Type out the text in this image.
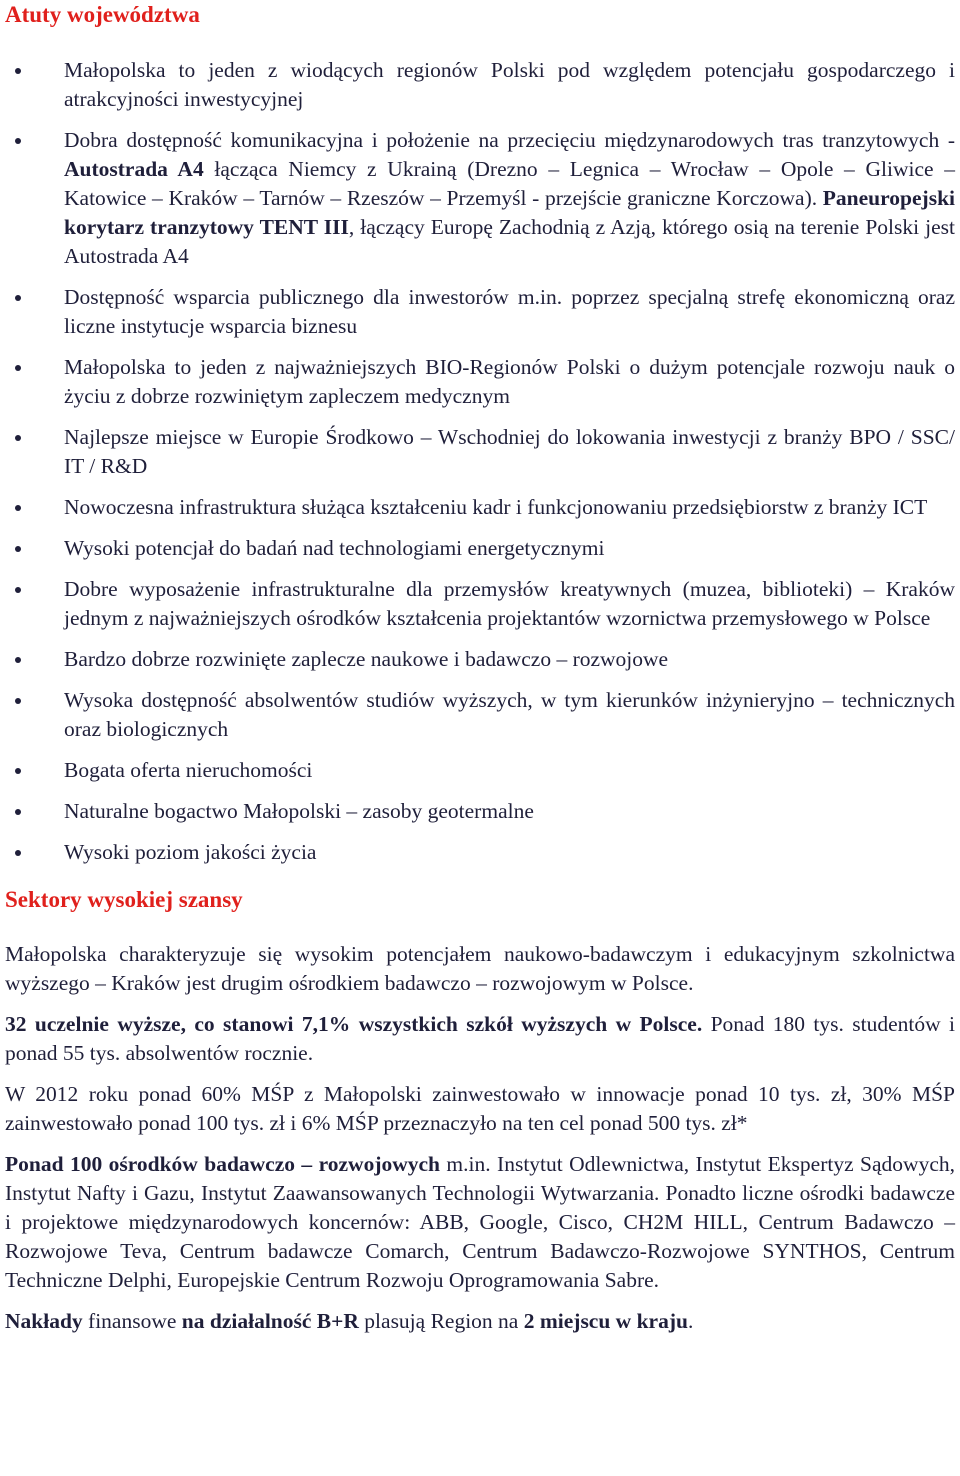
Atuty województwa
Małopolska to jeden z wiodących regionów Polski pod względem potencjału gospodarczego i atrakcyjności inwestycyjnej
Dobra dostępność komunikacyjna i położenie na przecięciu międzynarodowych tras tranzytowych - Autostrada A4 łącząca Niemcy z Ukrainą (Drezno – Legnica – Wrocław – Opole – Gliwice – Katowice – Kraków – Tarnów – Rzeszów – Przemyśl - przejście graniczne Korczowa). Paneuropejski korytarz tranzytowy TENT III, łączący Europę Zachodnią z Azją, którego osią na terenie Polski jest Autostrada A4
Dostępność wsparcia publicznego dla inwestorów m.in. poprzez specjalną strefę ekonomiczną oraz liczne instytucje wsparcia biznesu
Małopolska to jeden z najważniejszych BIO-Regionów Polski o dużym potencjale rozwoju nauk o życiu z dobrze rozwiniętym zapleczem medycznym
Najlepsze miejsce w Europie Środkowo – Wschodniej do lokowania inwestycji z branży BPO / SSC/ IT / R&D
Nowoczesna infrastruktura służąca kształceniu kadr i funkcjonowaniu przedsiębiorstw z branży ICT
Wysoki potencjał do badań nad technologiami energetycznymi
Dobre wyposażenie infrastrukturalne dla przemysłów kreatywnych (muzea, biblioteki) – Kraków jednym z najważniejszych ośrodków kształcenia projektantów wzornictwa przemysłowego w Polsce
Bardzo dobrze rozwinięte zaplecze naukowe i badawczo – rozwojowe
Wysoka dostępność absolwentów studiów wyższych, w tym kierunków inżynieryjno – technicznych oraz biologicznych
Bogata oferta nieruchomości
Naturalne bogactwo Małopolski – zasoby geotermalne
Wysoki poziom jakości życia
Sektory wysokiej szansy

Małopolska charakteryzuje się wysokim potencjałem naukowo-badawczym i edukacyjnym szkolnictwa wyższego – Kraków jest drugim ośrodkiem badawczo – rozwojowym w Polsce.

32 uczelnie wyższe, co stanowi 7,1% wszystkich szkół wyższych w Polsce. Ponad 180 tys. studentów i ponad 55 tys. absolwentów rocznie.

W 2012 roku ponad 60% MŚP z Małopolski zainwestowało w innowacje ponad 10 tys. zł, 30% MŚP zainwestowało ponad 100 tys. zł i 6% MŚP przeznaczyło na ten cel ponad 500 tys. zł*

Ponad 100 ośrodków badawczo – rozwojowych m.in. Instytut Odlewnictwa, Instytut Ekspertyz Sądowych, Instytut Nafty i Gazu, Instytut Zaawansowanych Technologii Wytwarzania. Ponadto liczne ośrodki badawcze i projektowe międzynarodowych koncernów: ABB, Google, Cisco, CH2M HILL, Centrum Badawczo – Rozwojowe Teva, Centrum badawcze Comarch, Centrum Badawczo-Rozwojowe SYNTHOS, Centrum Techniczne Delphi, Europejskie Centrum Rozwoju Oprogramowania Sabre.

Nakłady finansowe na działalność B+R plasują Region na 2 miejscu w kraju.
